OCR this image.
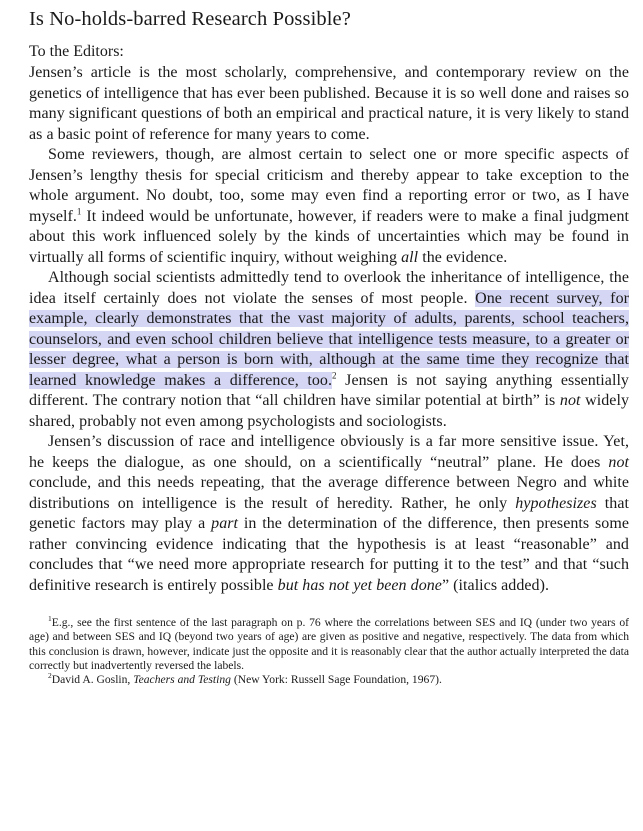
Is No-holds-barred Research Possible?

To the Editors:

Jensen’s article is the most scholarly, comprehensive, and contemporary review on the genetics of intelligence that has ever been published. Because it is so well done and raises so many significant questions of both an empirical and practical nature, it is very likely to stand as a basic point of reference for many years to come.

Some reviewers, though, are almost certain to select one or more specific aspects of Jensen’s lengthy thesis for special criticism and thereby appear to take exception to the whole argument. No doubt, too, some may even find a reporting error or two, as I have myself.$^1$ It indeed would be unfortunate, however, if readers were to make a final judgment about this work influenced solely by the kinds of uncertainties which may be found in virtually all forms of scientific inquiry, without weighing all the evidence.

Although social scientists admittedly tend to overlook the inheritance of intelligence, the idea itself certainly does not violate the senses of most people. One recent survey, for example, clearly demonstrates that the vast majority of adults, parents, school teachers, counselors, and even school children believe that intelligence tests measure, to a greater or lesser degree, what a person is born with, although at the same time they recognize that learned knowledge makes a difference, too.$^2$ Jensen is not saying anything essentially different. The contrary notion that “all children have similar potential at birth” is not widely shared, probably not even among psychologists and sociologists.

Jensen’s discussion of race and intelligence obviously is a far more sensitive issue. Yet, he keeps the dialogue, as one should, on a scientifically “neutral” plane. He does not conclude, and this needs repeating, that the average difference between Negro and white distributions on intelligence is the result of heredity. Rather, he only hypothesizes that genetic factors may play a part in the determination of the difference, then presents some rather convincing evidence indicating that the hypothesis is at least “reasonable” and concludes that “we need more appropriate research for putting it to the test” and that “such definitive research is entirely possible but has not yet been done” (italics added).

$^1$E.g., see the first sentence of the last paragraph on p. 76 where the correlations between SES and IQ (under two years of age) and between SES and IQ (beyond two years of age) are given as positive and negative, respectively. The data from which this conclusion is drawn, however, indicate just the opposite and it is reasonably clear that the author actually interpreted the data correctly but inadvertently reversed the labels.

$^2$David A. Goslin, Teachers and Testing (New York: Russell Sage Foundation, 1967).
